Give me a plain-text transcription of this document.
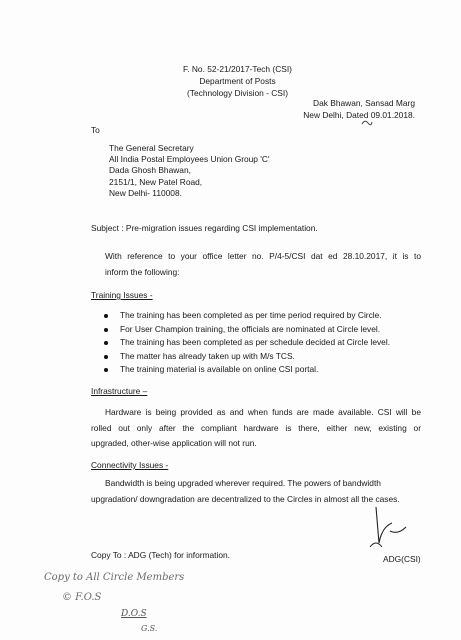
F. No. 52-21/2017-Tech (CSI)
Department of Posts
(Technology Division - CSI)
Dak Bhawan, Sansad Marg
New Delhi, Dated 09.01.2018.
To
The General Secretary
All India Postal Employees Union Group 'C'
Dada Ghosh Bhawan,
2151/1, New Patel Road,
New Delhi- 110008.
Subject : Pre-migration issues regarding CSI implementation.
With reference to your office letter no. P/4-5/CSI dat ed 28.10.2017, it is to
inform the following:
Training Issues -
The training has been completed as per time period required by Circle.
For User Champion training, the officials are nominated at Circle level.
The training has been completed as per schedule decided at Circle level.
The matter has already taken up with M/s TCS.
The training material is available on online CSI portal.
Infrastructure –
Hardware is being provided as and when funds are made available. CSI will be
rolled out only after the compliant hardware is there, either new, existing or
upgraded, other-wise application will not run.
Connectivity Issues -
Bandwidth is being upgraded wherever required. The powers of bandwidth
upgradation/ downgradation are decentralized to the Circles in almost all the cases.
ADG(CSI)
Copy To : ADG (Tech) for information.
Copy to All Circle Members
© F.O.S
D.O.S
G.S.
